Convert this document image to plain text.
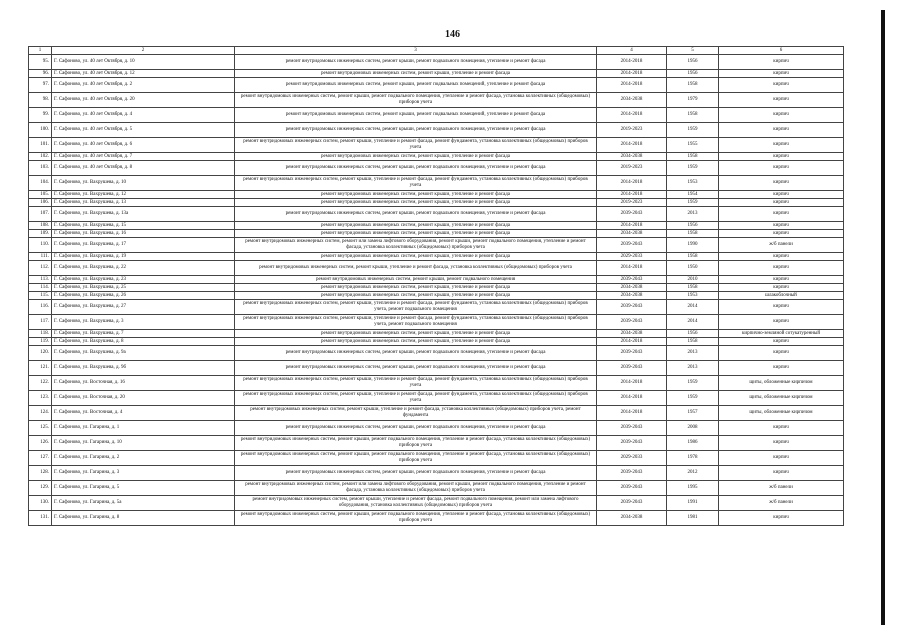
146
1	2	3	4	5	6
95.	Г. Сафоново, ул. 40 лет Октября, д. 10	ремонт внутридомовых инженерных систем, ремонт крыши, ремонт подвального помещения, утепление и ремонт фасада	2014-2018	1956	кирпич
96.	Г. Сафоново, ул. 40 лет Октября, д. 12	ремонт внутридомовых инженерных систем, ремонт крыши, утепление и ремонт фасада	2014-2018	1956	кирпич
97.	Г. Сафоново, ул. 40 лет Октября, д. 2	ремонт внутридомовых инженерных систем, ремонт крыши, ремонт подвальных помещений, утепление и ремонт фасада	2014-2018	1958	кирпич
98.	Г. Сафоново, ул. 40 лет Октября, д. 20	ремонт внутридомовых инженерных систем, ремонт крыши, ремонт подвального помещения, утепление и ремонт фасада, установка коллективных (общедомовых) приборов учета	2034-2038	1979	кирпич
99.	Г. Сафоново, ул. 40 лет Октября, д. 4	ремонт внутридомовых инженерных систем, ремонт крыши, ремонт подвальных помещений, утепление и ремонт фасада	2014-2018	1958	кирпич
100.	Г. Сафоново, ул. 40 лет Октября, д. 5	ремонт внутридомовых инженерных систем, ремонт крыши, ремонт подвального помещения, утепление и ремонт фасада	2019-2023	1959	кирпич
101.	Г. Сафоново, ул. 40 лет Октября, д. 6	ремонт внутридомовых инженерных систем, ремонт крыши, утепление и ремонт фасада, ремонт фундамента, установка коллективных (общедомовых) приборов учета	2014-2018	1955	кирпич
102.	Г. Сафоново, ул. 40 лет Октября, д. 7	ремонт внутридомовых инженерных систем, ремонт крыши, утепление и ремонт фасада	2034-2038	1958	кирпич
103.	Г. Сафоново, ул. 40 лет Октября, д. 8	ремонт внутридомовых инженерных систем, ремонт крыши, ремонт подвального помещения, утепление и ремонт фасада	2019-2023	1959	кирпич
104.	Г. Сафоново, ул. Вахрушева, д. 10	ремонт внутридомовых инженерных систем, ремонт крыши, утепление и ремонт фасада, ремонт фундамента, установка коллективных (общедомовых) приборов учета	2014-2018	1953	кирпич
105.	Г. Сафоново, ул. Вахрушева, д. 12	ремонт внутридомовых инженерных систем, ремонт крыши, утепление и ремонт фасада	2014-2018	1954	кирпич
106.	Г. Сафоново, ул. Вахрушева, д. 13	ремонт внутридомовых инженерных систем, ремонт крыши, утепление и ремонт фасада	2019-2023	1959	кирпич
107.	Г. Сафоново, ул. Вахрушева, д. 13а	ремонт внутридомовых инженерных систем, ремонт крыши, ремонт подвального помещения, утепление и ремонт фасада	2039-2043	2013	кирпич
108.	Г. Сафоново, ул. Вахрушева, д. 15	ремонт внутридомовых инженерных систем, ремонт крыши, утепление и ремонт фасада	2014-2018	1956	кирпич
109.	Г. Сафоново, ул. Вахрушева, д. 16	ремонт внутридомовых инженерных систем, ремонт крыши, утепление и ремонт фасада	2034-2038	1958	кирпич
110.	Г. Сафоново, ул. Вахрушева, д. 17	ремонт внутридомовых инженерных систем, ремонт или замена лифтового оборудования, ремонт крыши, ремонт подвального помещения, утепление и ремонт фасада, установка коллективных (общедомовых) приборов учета	2039-2043	1990	ж/б панели
111.	Г. Сафоново, ул. Вахрушева, д. 19	ремонт внутридомовых инженерных систем, ремонт крыши, утепление и ремонт фасада	2029-2033	1958	кирпич
112.	Г. Сафоново, ул. Вахрушева, д. 22	ремонт внутридомовых инженерных систем, ремонт крыши, утепление и ремонт фасада, установка коллективных (общедомовых) приборов учета	2014-2018	1950	кирпич
113.	Г. Сафоново, ул. Вахрушева, д. 23	ремонт внутридомовых инженерных систем, ремонт крыши, ремонт подвального помещения	2039-2043	2010	кирпич
114.	Г. Сафоново, ул. Вахрушева, д. 25	ремонт внутридомовых инженерных систем, ремонт крыши, утепление и ремонт фасада	2034-2038	1958	кирпич
115.	Г. Сафоново, ул. Вахрушева, д. 26	ремонт внутридомовых инженерных систем, ремонт крыши, утепление и ремонт фасада	2034-2038	1953	шлакоблочный
116.	Г. Сафоново, ул. Вахрушева, д. 27	ремонт внутридомовых инженерных систем, ремонт крыши, утепление и ремонт фасада, ремонт фундамента, установка коллективных (общедомовых) приборов учета, ремонт подвального помещения	2039-2043	2014	кирпич
117.	Г. Сафоново, ул. Вахрушева, д. 3	ремонт внутридомовых инженерных систем, ремонт крыши, утепление и ремонт фасада, ремонт фундамента, установка коллективных (общедомовых) приборов учета, ремонт подвального помещения	2039-2043	2014	кирпич
118.	Г. Сафоново, ул. Вахрушева, д. 7	ремонт внутридомовых инженерных систем, ремонт крыши, утепление и ремонт фасада	2034-2038	1956	кирпично-земляной сотукатуренный
119.	Г. Сафоново, ул. Вахрушева, д. 8	ремонт внутридомовых инженерных систем, ремонт крыши, утепление и ремонт фасада	2014-2018	1958	кирпич
120.	Г. Сафоново, ул. Вахрушева, д. 9а	ремонт внутридомовых инженерных систем, ремонт крыши, ремонт подвального помещения, утепление и ремонт фасада	2039-2043	2013	кирпич
121.	Г. Сафоново, ул. Вахрушева, д. 9б	ремонт внутридомовых инженерных систем, ремонт крыши, ремонт подвального помещения, утепление и ремонт фасада	2039-2043	2013	кирпич
122.	Г. Сафоново, ул. Восточная, д. 16	ремонт внутридомовых инженерных систем, ремонт крыши, утепление и ремонт фасада, ремонт фундамента, установка коллективных (общедомовых) приборов учета	2014-2018	1959	щиты, обложенные кирпичом
123.	Г. Сафоново, ул. Восточная, д. 20	ремонт внутридомовых инженерных систем, ремонт крыши, утепление и ремонт фасада, ремонт фундамента, установка коллективных (общедомовых) приборов учета	2014-2018	1959	щиты, обложенные кирпичом
124.	Г. Сафоново, ул. Восточная, д. 4	ремонт внутридомовых инженерных систем, ремонт крыши, утепление и ремонт фасада, установка коллективных (общедомовых) приборов учета, ремонт фундамента	2014-2018	1957	щиты, обложенные кирпичом
125.	Г. Сафоново, ул. Гагарина, д. 1	ремонт внутридомовых инженерных систем, ремонт крыши, ремонт подвального помещения, утепление и ремонт фасада	2039-2043	2008	кирпич
126.	Г. Сафоново, ул. Гагарина, д. 10	ремонт внутридомовых инженерных систем, ремонт крыши, ремонт подвального помещения, утепление и ремонт фасада, установка коллективных (общедомовых) приборов учета	2039-2043	1986	кирпич
127.	Г. Сафоново, ул. Гагарина, д. 2	ремонт внутридомовых инженерных систем, ремонт крыши, ремонт подвального помещения, утепление и ремонт фасада, установка коллективных (общедомовых) приборов учета	2029-2033	1978	кирпич
128.	Г. Сафоново, ул. Гагарина, д. 3	ремонт внутридомовых инженерных систем, ремонт крыши, ремонт подвального помещения, утепление и ремонт фасада	2039-2043	2012	кирпич
129.	Г. Сафоново, ул. Гагарина, д. 5	ремонт внутридомовых инженерных систем, ремонт или замена лифтового оборудования, ремонт крыши, ремонт подвального помещения, утепление и ремонт фасада, установка коллективных (общедомовых) приборов учета	2039-2043	1995	ж/б панели
130.	Г. Сафоново, ул. Гагарина, д. 5а	ремонт внутридомовых инженерных систем, ремонт крыши, утепление и ремонт фасада, ремонт подвального помещения, ремонт или замена лифтового оборудования, установка коллективных (общедомовых) приборов учета	2039-2043	1991	ж/б панели
131.	Г. Сафоново, ул. Гагарина, д. 8	ремонт внутридомовых инженерных систем, ремонт крыши, ремонт подвального помещения, утепление и ремонт фасада, установка коллективных (общедомовых) приборов учета	2034-2038	1981	кирпич
